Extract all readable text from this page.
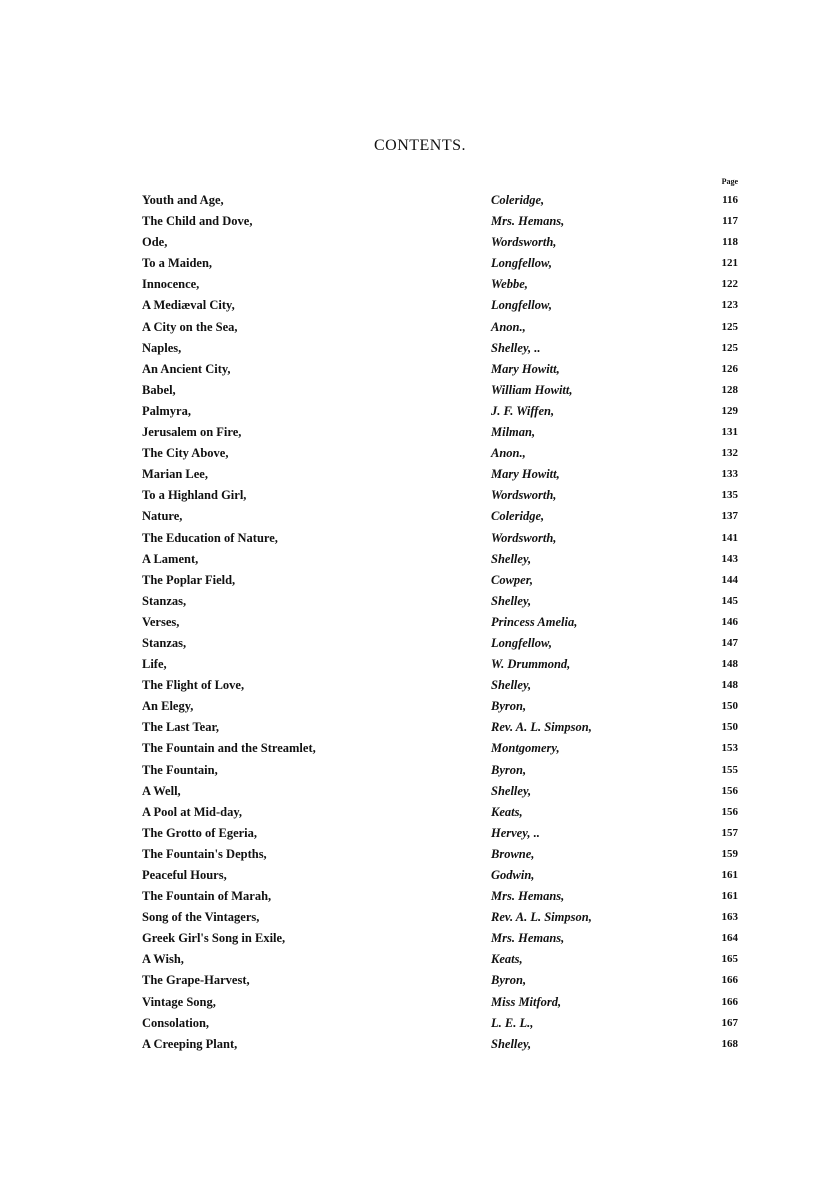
CONTENTS.
Page
Youth and Age,	Coleridge,	116
The Child and Dove,	Mrs. Hemans,	117
Ode,	Wordsworth,	118
To a Maiden,	Longfellow,	121
Innocence,	Webbe,	122
A Mediæval City,	Longfellow,	123
A City on the Sea,	Anon.,	125
Naples,	Shelley, ..	125
An Ancient City,	Mary Howitt,	126
Babel,	William Howitt,	128
Palmyra,	J. F. Wiffen,	129
Jerusalem on Fire,	Milman,	131
The City Above,	Anon.,	132
Marian Lee,	Mary Howitt,	133
To a Highland Girl,	Wordsworth,	135
Nature,	Coleridge,	137
The Education of Nature,	Wordsworth,	141
A Lament,	Shelley,	143
The Poplar Field,	Cowper,	144
Stanzas,	Shelley,	145
Verses,	Princess Amelia,	146
Stanzas,	Longfellow,	147
Life,	W. Drummond,	148
The Flight of Love,	Shelley,	148
An Elegy,	Byron,	150
The Last Tear,	Rev. A. L. Simpson,	150
The Fountain and the Streamlet,	Montgomery,	153
The Fountain,	Byron,	155
A Well,	Shelley,	156
A Pool at Mid-day,	Keats,	156
The Grotto of Egeria,	Hervey, ..	157
The Fountain's Depths,	Browne,	159
Peaceful Hours,	Godwin,	161
The Fountain of Marah,	Mrs. Hemans,	161
Song of the Vintagers,	Rev. A. L. Simpson,	163
Greek Girl's Song in Exile,	Mrs. Hemans,	164
A Wish,	Keats,	165
The Grape-Harvest,	Byron,	166
Vintage Song,	Miss Mitford,	166
Consolation,	L. E. L.,	167
A Creeping Plant,	Shelley,	168
